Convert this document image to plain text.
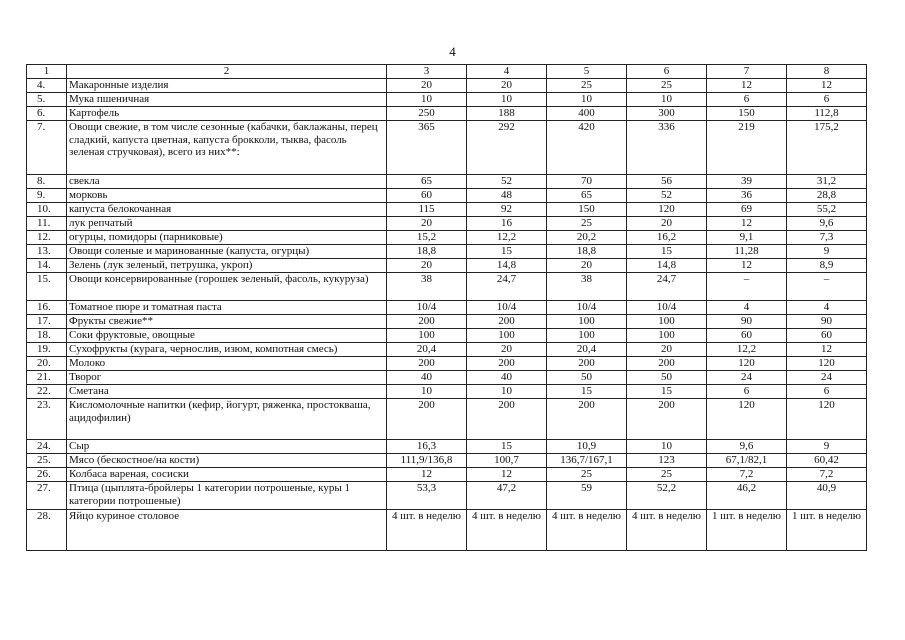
4
1	2	3	4	5	6	7	8
4.	Макаронные изделия	20	20	25	25	12	12
5.	Мука пшеничная	10	10	10	10	6	6
6.	Картофель	250	188	400	300	150	112,8
7.	Овощи свежие, в том числе сезонные (кабачки, баклажаны, перец сладкий, капуста цветная, капуста брокколи, тыква, фасоль зеленая стручковая), всего из них**:	365	292	420	336	219	175,2
8.	свекла	65	52	70	56	39	31,2
9.	морковь	60	48	65	52	36	28,8
10.	капуста белокочанная	115	92	150	120	69	55,2
11.	лук репчатый	20	16	25	20	12	9,6
12.	огурцы, помидоры (парниковые)	15,2	12,2	20,2	16,2	9,1	7,3
13.	Овощи соленые и маринованные (капуста, огурцы)	18,8	15	18,8	15	11,28	9
14.	Зелень (лук зеленый, петрушка, укроп)	20	14,8	20	14,8	12	8,9
15.	Овощи консервированные (горошек зеленый, фасоль, кукуруза)	38	24,7	38	24,7	–	–
16.	Томатное пюре и томатная паста	10/4	10/4	10/4	10/4	4	4
17.	Фрукты свежие**	200	200	100	100	90	90
18.	Соки фруктовые, овощные	100	100	100	100	60	60
19.	Сухофрукты (курага, чернослив, изюм, компотная смесь)	20,4	20	20,4	20	12,2	12
20.	Молоко	200	200	200	200	120	120
21.	Творог	40	40	50	50	24	24
22.	Сметана	10	10	15	15	6	6
23.	Кисломолочные напитки (кефир, йогурт, ряженка, простокваша, ацидофилин)	200	200	200	200	120	120
24.	Сыр	16,3	15	10,9	10	9,6	9
25.	Мясо (бескостное/на кости)	111,9/136,8	100,7	136,7/167,1	123	67,1/82,1	60,42
26.	Колбаса вареная, сосиски	12	12	25	25	7,2	7,2
27.	Птица (цыплята-бройлеры 1 категории потрошеные, куры 1 категории потрошеные)	53,3	47,2	59	52,2	46,2	40,9
28.	Яйцо куриное столовое	4 шт. в неделю	4 шт. в неделю	4 шт. в неделю	4 шт. в неделю	1 шт. в неделю	1 шт. в неделю
